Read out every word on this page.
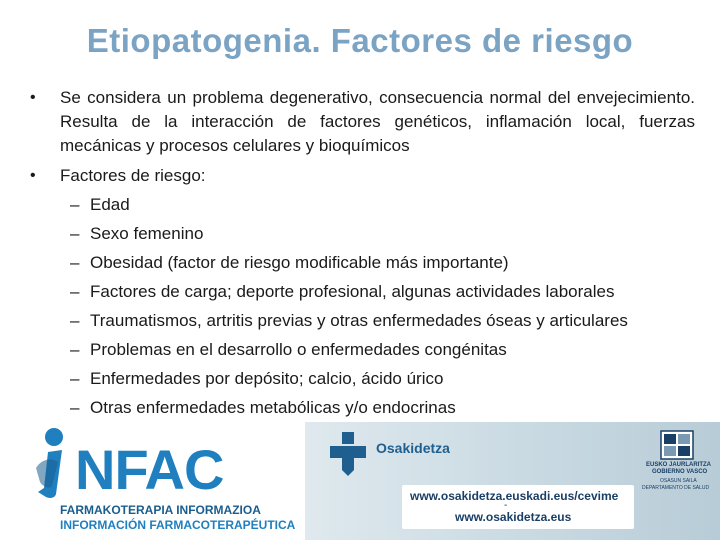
Etiopatogenia. Factores de riesgo
•	Se considera un problema degenerativo, consecuencia normal del envejecimiento. Resulta de la interacción de factores genéticos, inflamación local, fuerzas mecánicas y procesos celulares y bioquímicos
•	Factores de riesgo:
– Edad
– Sexo femenino
– Obesidad (factor de riesgo modificable más importante)
– Factores de carga; deporte profesional, algunas actividades laborales
– Traumatismos, artritis previas y otras enfermedades óseas y articulares
– Problemas en el desarrollo o enfermedades congénitas
– Enfermedades por depósito; calcio, ácido úrico
– Otras enfermedades metabólicas y/o endocrinas
NFAC
FARMAKOTERAPIA INFORMAZIOA
INFORMACIÓN FARMACOTERAPÉUTICA
Osakidetza
www.osakidetza.euskadi.eus/cevime
-
www.osakidetza.eus
EUSKO JAURLARITZA
GOBIERNO VASCO
OSASUN SAILA
DEPARTAMENTO DE SALUD
